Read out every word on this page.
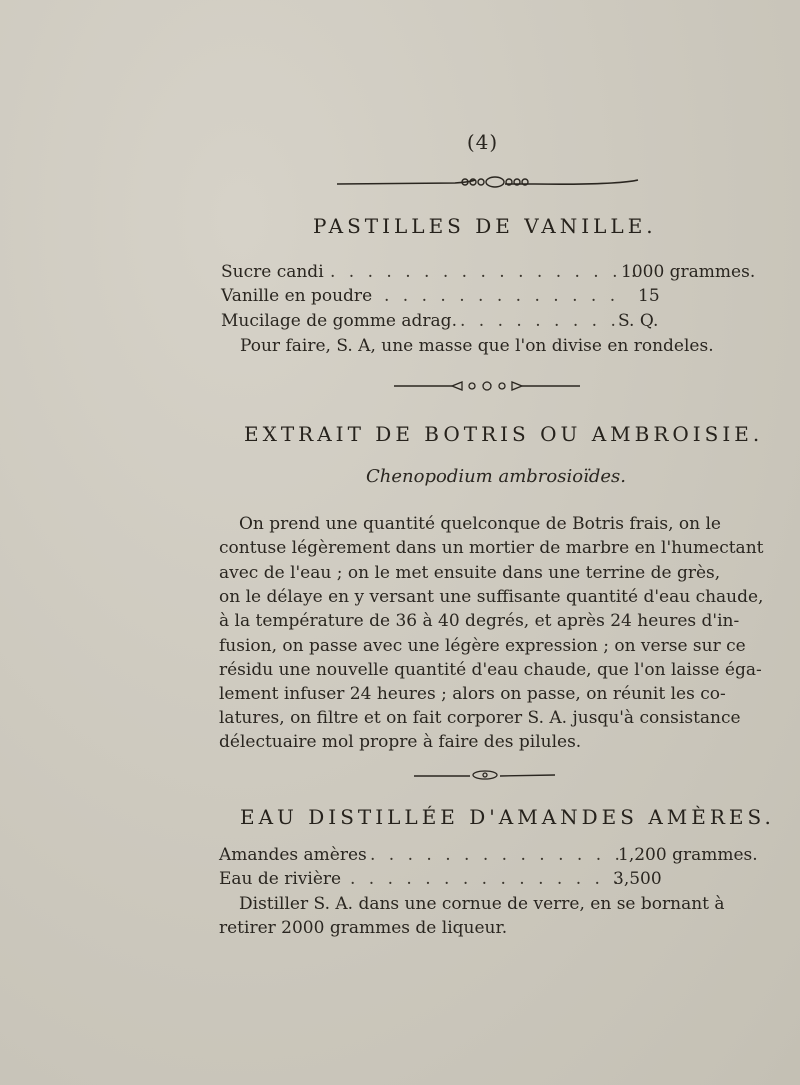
(4)
PASTILLES DE VANILLE.
Sucre candi . . . . . . . . . . . . . . . . .
1000 grammes.
Vanille en poudre . . . . . . . . . . . . . 15
Mucilage de gomme adrag. . . . . . . . . .
S. Q.
Pour faire, S. A, une masse que l'on divise en rondeles.
EXTRAIT DE BOTRIS OU AMBROISIE.
Chenopodium ambrosioïdes.
On prend une quantité quelconque de Botris frais, on le
contuse légèrement dans un mortier de marbre en l'humectant
avec de l'eau ; on le met ensuite dans une terrine de grès,
on le délaye en y versant une suffisante quantité d'eau chaude,
à la température de 36 à 40 degrés, et après 24 heures d'in-
fusion, on passe avec une légère expression ; on verse sur ce
résidu une nouvelle quantité d'eau chaude, que l'on laisse éga-
lement infuser 24 heures ; alors on passe, on réunit les co-
latures, on filtre et on fait corporer S. A. jusqu'à consistance
délectuaire mol propre à faire des pilules.
EAU DISTILLÉE D'AMANDES AMÈRES.
Amandes amères . . . . . . . . . . . . . .
1,200 grammes.
Eau de rivière . . . . . . . . . . . . . . .
3,500
Distiller S. A. dans une cornue de verre, en se bornant à
retirer 2000 grammes de liqueur.
